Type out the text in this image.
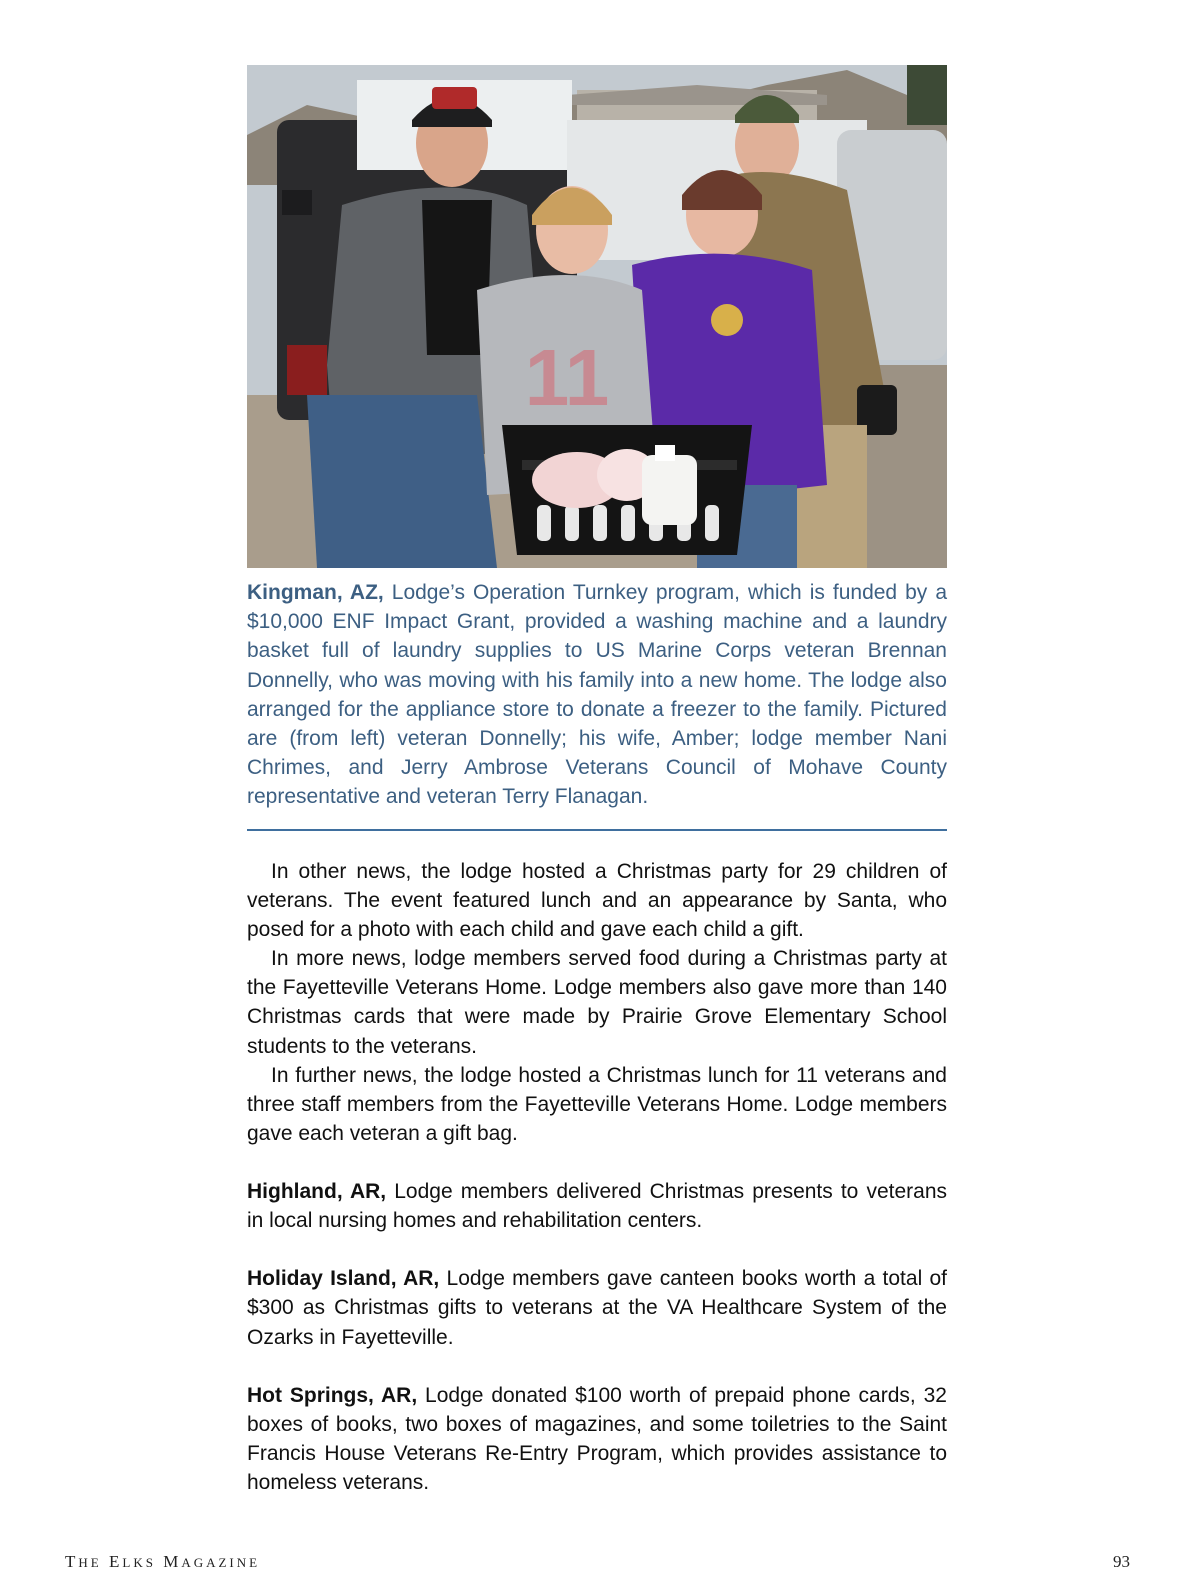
11

Kingman, AZ, Lodge’s Operation Turnkey program, which is funded by a $10,000 ENF Impact Grant, provided a washing machine and a laundry basket full of laundry supplies to US Marine Corps veteran Brennan Donnelly, who was moving with his family into a new home. The lodge also arranged for the appliance store to donate a freezer to the family. Pictured are (from left) veteran Donnelly; his wife, Amber; lodge member Nani Chrimes, and Jerry Ambrose Veterans Council of Mohave County representative and veteran Terry Flanagan.

In other news, the lodge hosted a Christmas party for 29 children of veterans. The event featured lunch and an appearance by Santa, who posed for a photo with each child and gave each child a gift.

In more news, lodge members served food during a Christmas party at the Fayetteville Veterans Home. Lodge members also gave more than 140 Christmas cards that were made by Prairie Grove Elementary School students to the veterans.

In further news, the lodge hosted a Christmas lunch for 11 veterans and three staff members from the Fayetteville Veterans Home. Lodge members gave each veteran a gift bag.

Highland, AR, Lodge members delivered Christmas presents to veterans in local nursing homes and rehabilitation centers.

Holiday Island, AR, Lodge members gave canteen books worth a total of $300 as Christmas gifts to veterans at the VA Healthcare System of the Ozarks in Fayetteville.

Hot Springs, AR, Lodge donated $100 worth of prepaid phone cards, 32 boxes of books, two boxes of magazines, and some toiletries to the Saint Francis House Veterans Re-Entry Program, which provides assistance to homeless veterans.

THE ELKS MAGAZINE	93
